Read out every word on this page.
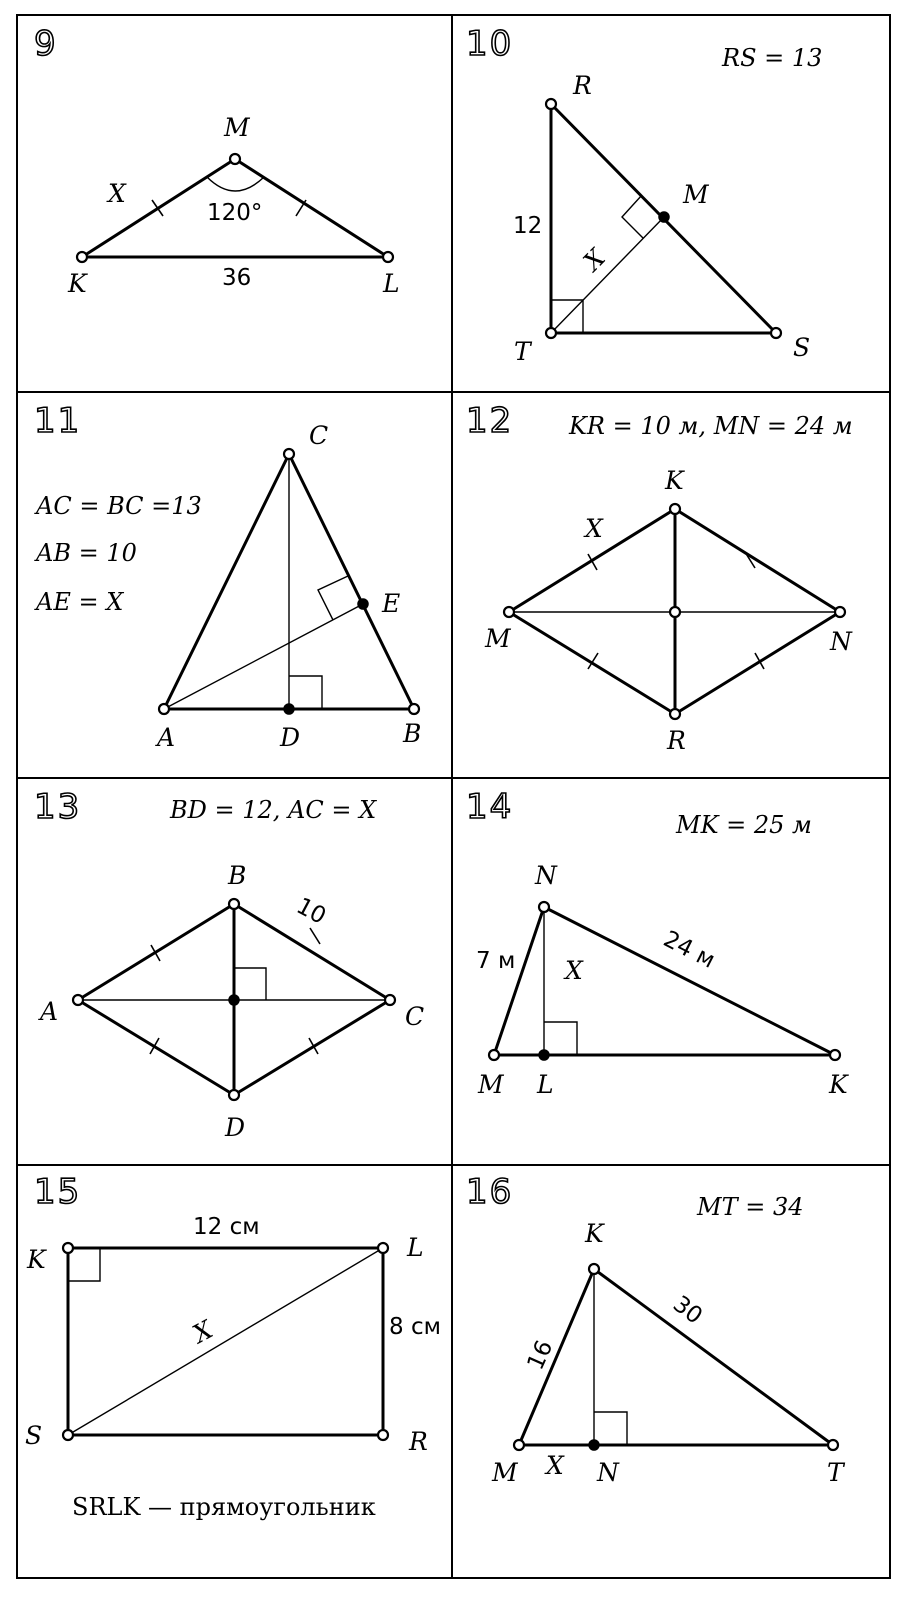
9
M
K	L
X
120°
36
10	RS = 13
R
M
T	S
X
12
11
AC = BC =13
AB = 10
AE = X
C
E
A	D	B
12 KR = 10 м, MN = 24 м
K
M	N
R
X
13	BD = 12, AC = X
B
A	C
D
10
14	MK = 25 м
N
M L	K
X
7 м	24 м
15
K	L
S	R
X
12 см
8 см
SRLK — прямоугольник
16	MT = 34
K
M X N	T
16
30
